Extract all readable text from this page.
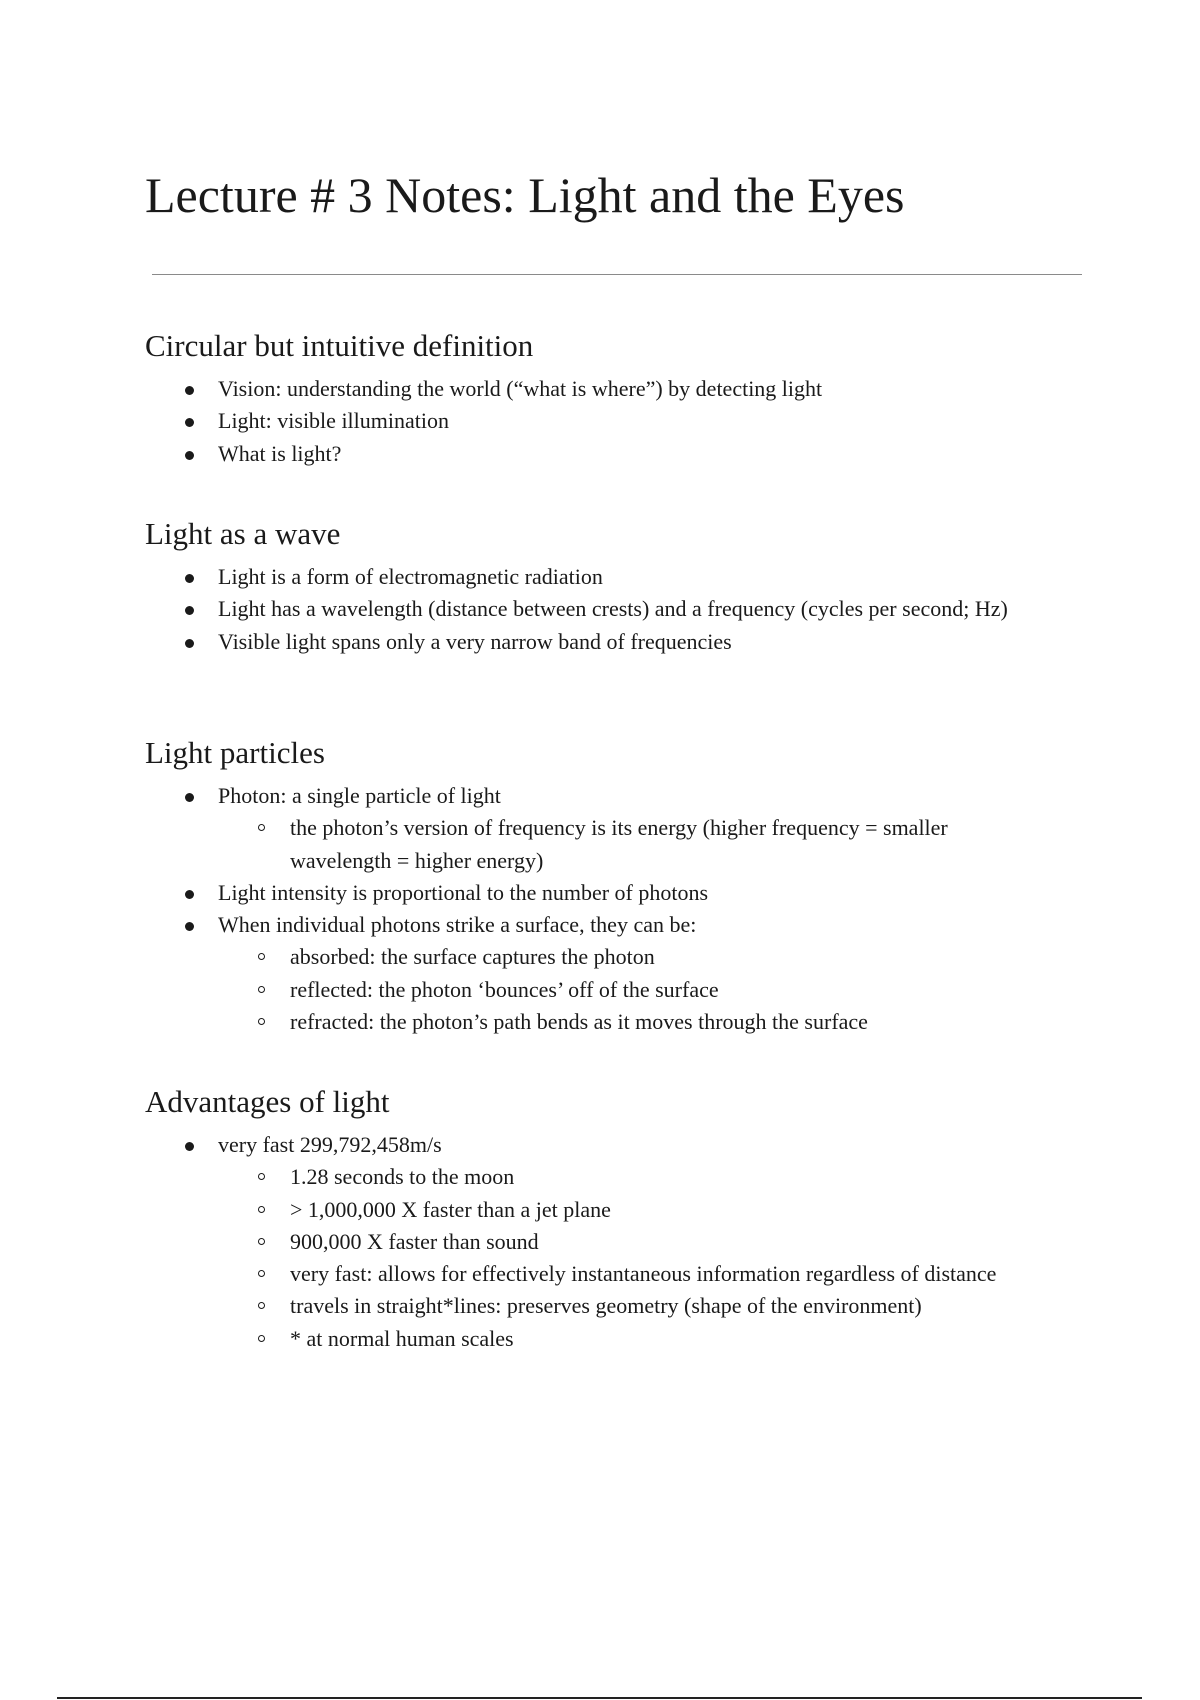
Lecture # 3 Notes: Light and the Eyes
Circular but intuitive definition
Vision: understanding the world (“what is where”) by detecting light
Light: visible illumination
What is light?
Light as a wave
Light is a form of electromagnetic radiation
Light has a wavelength (distance between crests) and a frequency (cycles per second; Hz)
Visible light spans only a very narrow band of frequencies
Light particles
Photon: a single particle of light
the photon’s version of frequency is its energy (higher frequency = smaller wavelength = higher energy)
Light intensity is proportional to the number of photons
When individual photons strike a surface, they can be:
absorbed: the surface captures the photon
reflected: the photon ‘bounces’ off of the surface
refracted: the photon’s path bends as it moves through the surface
Advantages of light
very fast 299,792,458m/s
1.28 seconds to the moon
> 1,000,000 X faster than a jet plane
900,000 X faster than sound
very fast: allows for effectively instantaneous information regardless of distance
travels in straight*lines: preserves geometry (shape of the environment)
* at normal human scales
